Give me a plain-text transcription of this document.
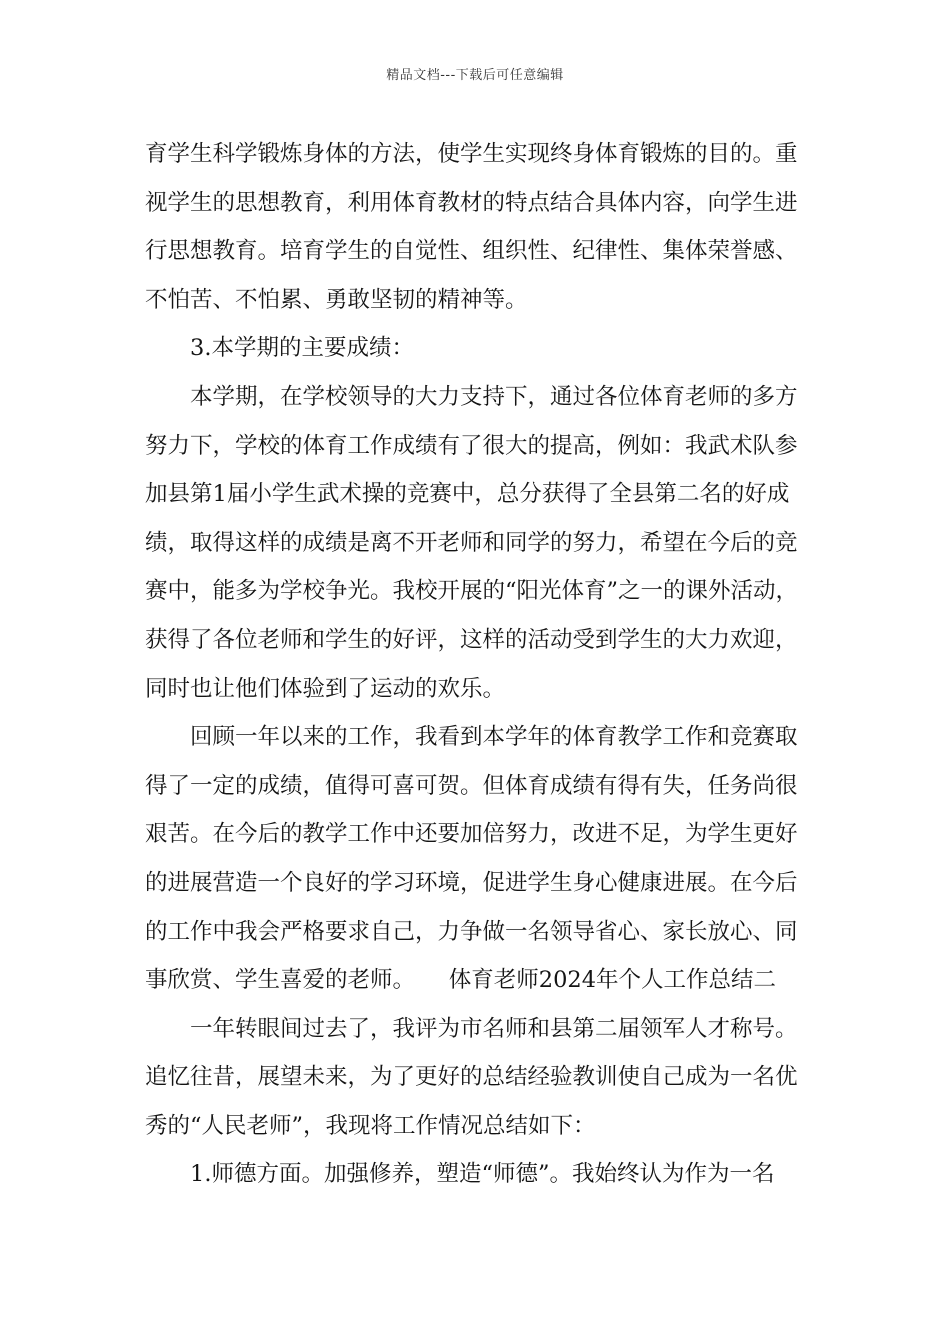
精品文档---下载后可任意编辑
育学生科学锻炼身体的方法，使学生实现终身体育锻炼的目的。重
视学生的思想教育，利用体育教材的特点结合具体内容，向学生进
行思想教育。培育学生的自觉性、组织性、纪律性、集体荣誉感、
不怕苦、不怕累、勇敢坚韧的精神等。
3.本学期的主要成绩：
本学期，在学校领导的大力支持下，通过各位体育老师的多方
努力下，学校的体育工作成绩有了很大的提高，例如：我武术队参
加县第1届小学生武术操的竞赛中，总分获得了全县第二名的好成
绩，取得这样的成绩是离不开老师和同学的努力，希望在今后的竞
赛中，能多为学校争光。我校开展的“阳光体育”之一的课外活动，
获得了各位老师和学生的好评，这样的活动受到学生的大力欢迎，
同时也让他们体验到了运动的欢乐。
回顾一年以来的工作，我看到本学年的体育教学工作和竞赛取
得了一定的成绩，值得可喜可贺。但体育成绩有得有失，任务尚很
艰苦。在今后的教学工作中还要加倍努力，改进不足，为学生更好
的进展营造一个良好的学习环境，促进学生身心健康进展。在今后
的工作中我会严格要求自己，力争做一名领导省心、家长放心、同
事欣赏、学生喜爱的老师。　　体育老师2024年个人工作总结二
一年转眼间过去了，我评为市名师和县第二届领军人才称号。
追忆往昔，展望未来，为了更好的总结经验教训使自己成为一名优
秀的“人民老师”，我现将工作情况总结如下：
1.师德方面。加强修养，塑造“师德”。我始终认为作为一名
